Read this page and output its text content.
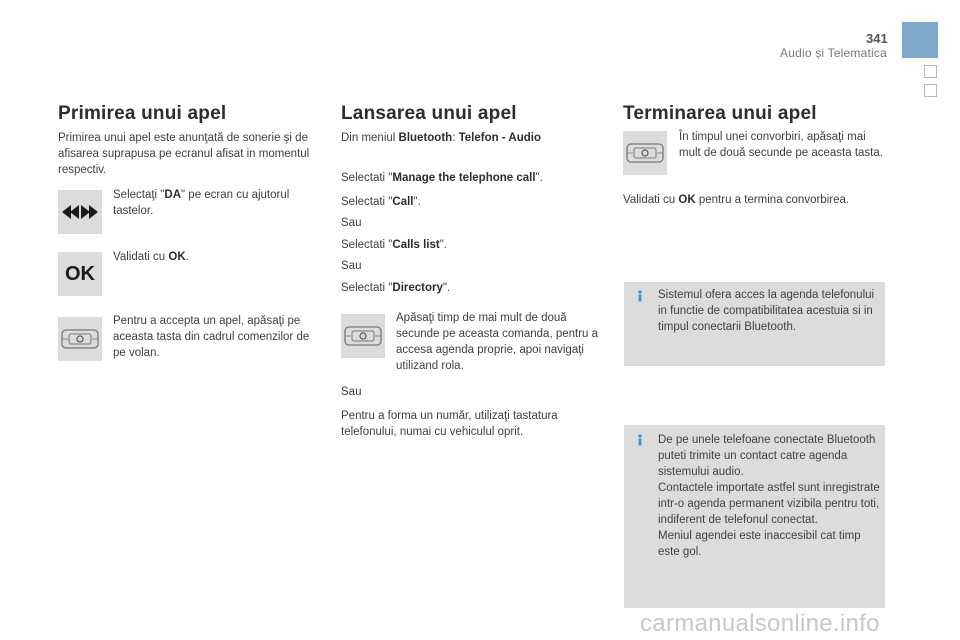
341
Audio și Telematica
Primirea unui apel
Primirea unui apel este anunţată de sonerie şi de afisarea suprapusa pe ecranul afisat in momentul respectiv.
Selectaţi "DA" pe ecran cu ajutorul tastelor.
OK
Validati cu OK.
Pentru a accepta un apel, apăsaţi pe aceasta tasta din cadrul comenzilor de pe volan.
Lansarea unui apel
Din meniul Bluetooth: Telefon - Audio
Selectati "Manage the telephone call".
Selectati "Call".
Sau
Selectati "Calls list".
Sau
Selectati "Directory".
Apăsaţi timp de mai mult de două secunde pe aceasta comanda, pentru a accesa agenda proprie, apoi navigaţi utilizand rola.
Sau
Pentru a forma un număr, utilizaţi tastatura telefonului, numai cu vehiculul oprit.
Terminarea unui apel
În timpul unei convorbiri, apăsaţi mai mult de două secunde pe aceasta tasta.
Validati cu OK pentru a termina convorbirea.
Sistemul ofera acces la agenda telefonului in functie de compatibilitatea acestuia si in timpul conectarii Bluetooth.
De pe unele telefoane conectate Bluetooth puteti trimite un contact catre agenda sistemului audio.
Contactele importate astfel sunt inregistrate intr-o agenda permanent vizibila pentru toti, indiferent de telefonul conectat.
Meniul agendei este inaccesibil cat timp este gol.
carmanualsonline.info
